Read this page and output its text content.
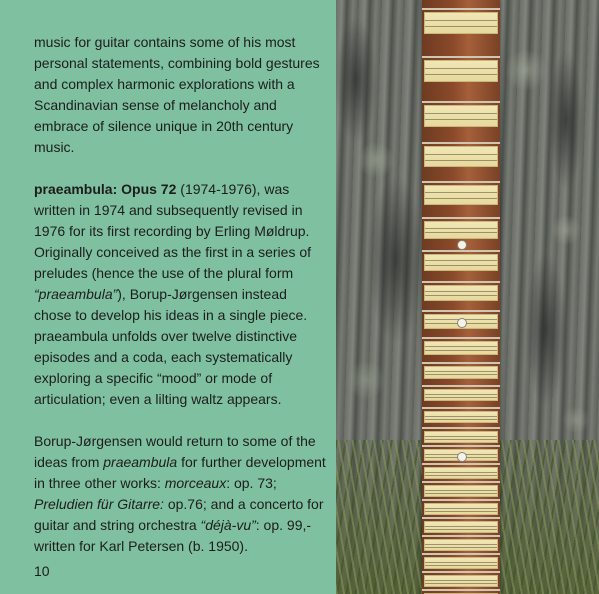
music for guitar contains some of his most personal statements, combining bold gestures and complex harmonic explorations with a Scandinavian sense of melancholy and embrace of silence unique in 20th century music.

praeambula: Opus 72 (1974-1976), was written in 1974 and subsequently revised in 1976 for its first recording by Erling Møldrup. Originally conceived as the first in a series of preludes (hence the use of the plural form “praeambula”), Borup-Jørgensen instead chose to develop his ideas in a single piece. praeambula unfolds over twelve distinctive episodes and a coda, each systematically exploring a specific “mood” or mode of articulation; even a lilting waltz appears.

Borup-Jørgensen would return to some of the ideas from praeambula for further development in three other works: morceaux: op. 73; Preludien für Gitarre: op.76; and a concerto for guitar and string orchestra “déjà-vu”: op. 99,- written for Karl Petersen (b. 1950).

10
